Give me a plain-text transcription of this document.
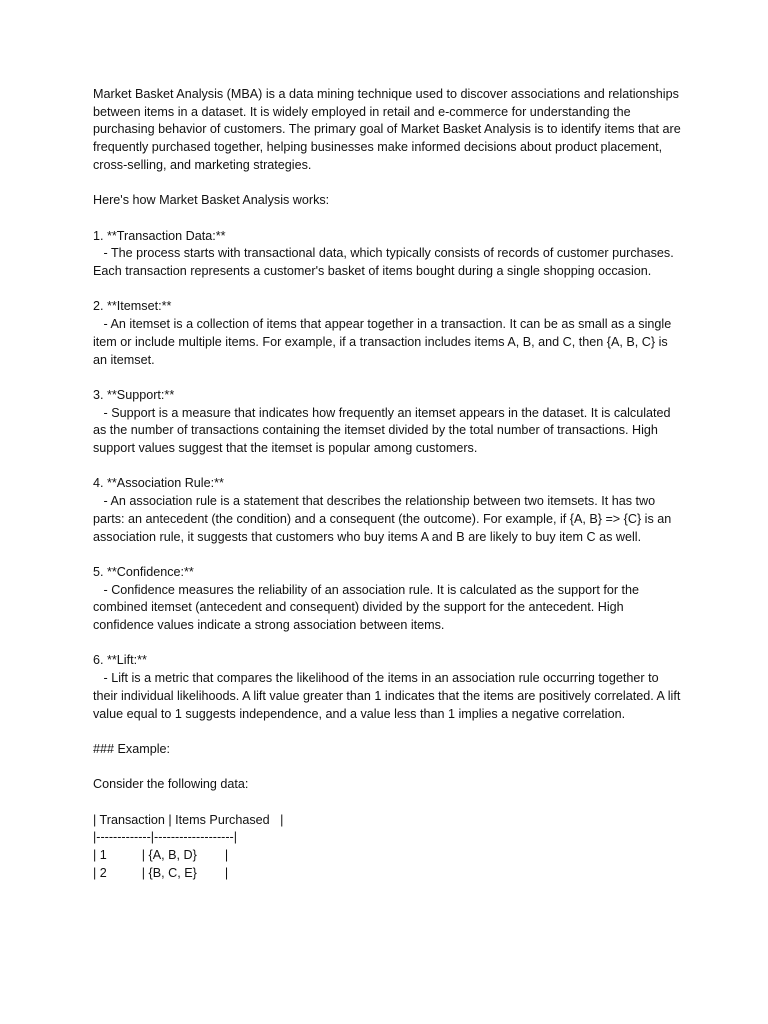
Market Basket Analysis (MBA) is a data mining technique used to discover associations and relationships between items in a dataset. It is widely employed in retail and e-commerce for understanding the purchasing behavior of customers. The primary goal of Market Basket Analysis is to identify items that are frequently purchased together, helping businesses make informed decisions about product placement, cross-selling, and marketing strategies.

Here's how Market Basket Analysis works:

1. **Transaction Data:**

- The process starts with transactional data, which typically consists of records of customer purchases. Each transaction represents a customer's basket of items bought during a single shopping occasion.

2. **Itemset:**

- An itemset is a collection of items that appear together in a transaction. It can be as small as a single item or include multiple items. For example, if a transaction includes items A, B, and C, then {A, B, C} is an itemset.

3. **Support:**

- Support is a measure that indicates how frequently an itemset appears in the dataset. It is calculated as the number of transactions containing the itemset divided by the total number of transactions. High support values suggest that the itemset is popular among customers.

4. **Association Rule:**

- An association rule is a statement that describes the relationship between two itemsets. It has two parts: an antecedent (the condition) and a consequent (the outcome). For example, if {A, B} => {C} is an association rule, it suggests that customers who buy items A and B are likely to buy item C as well.

5. **Confidence:**

- Confidence measures the reliability of an association rule. It is calculated as the support for the combined itemset (antecedent and consequent) divided by the support for the antecedent. High confidence values indicate a strong association between items.

6. **Lift:**

- Lift is a metric that compares the likelihood of the items in an association rule occurring together to their individual likelihoods. A lift value greater than 1 indicates that the items are positively correlated. A lift value equal to 1 suggests independence, and a value less than 1 implies a negative correlation.

### Example:

Consider the following data:

| Transaction | Items Purchased   |

|-------------|-------------------|

| 1          | {A, B, D}        |

| 2          | {B, C, E}        |
